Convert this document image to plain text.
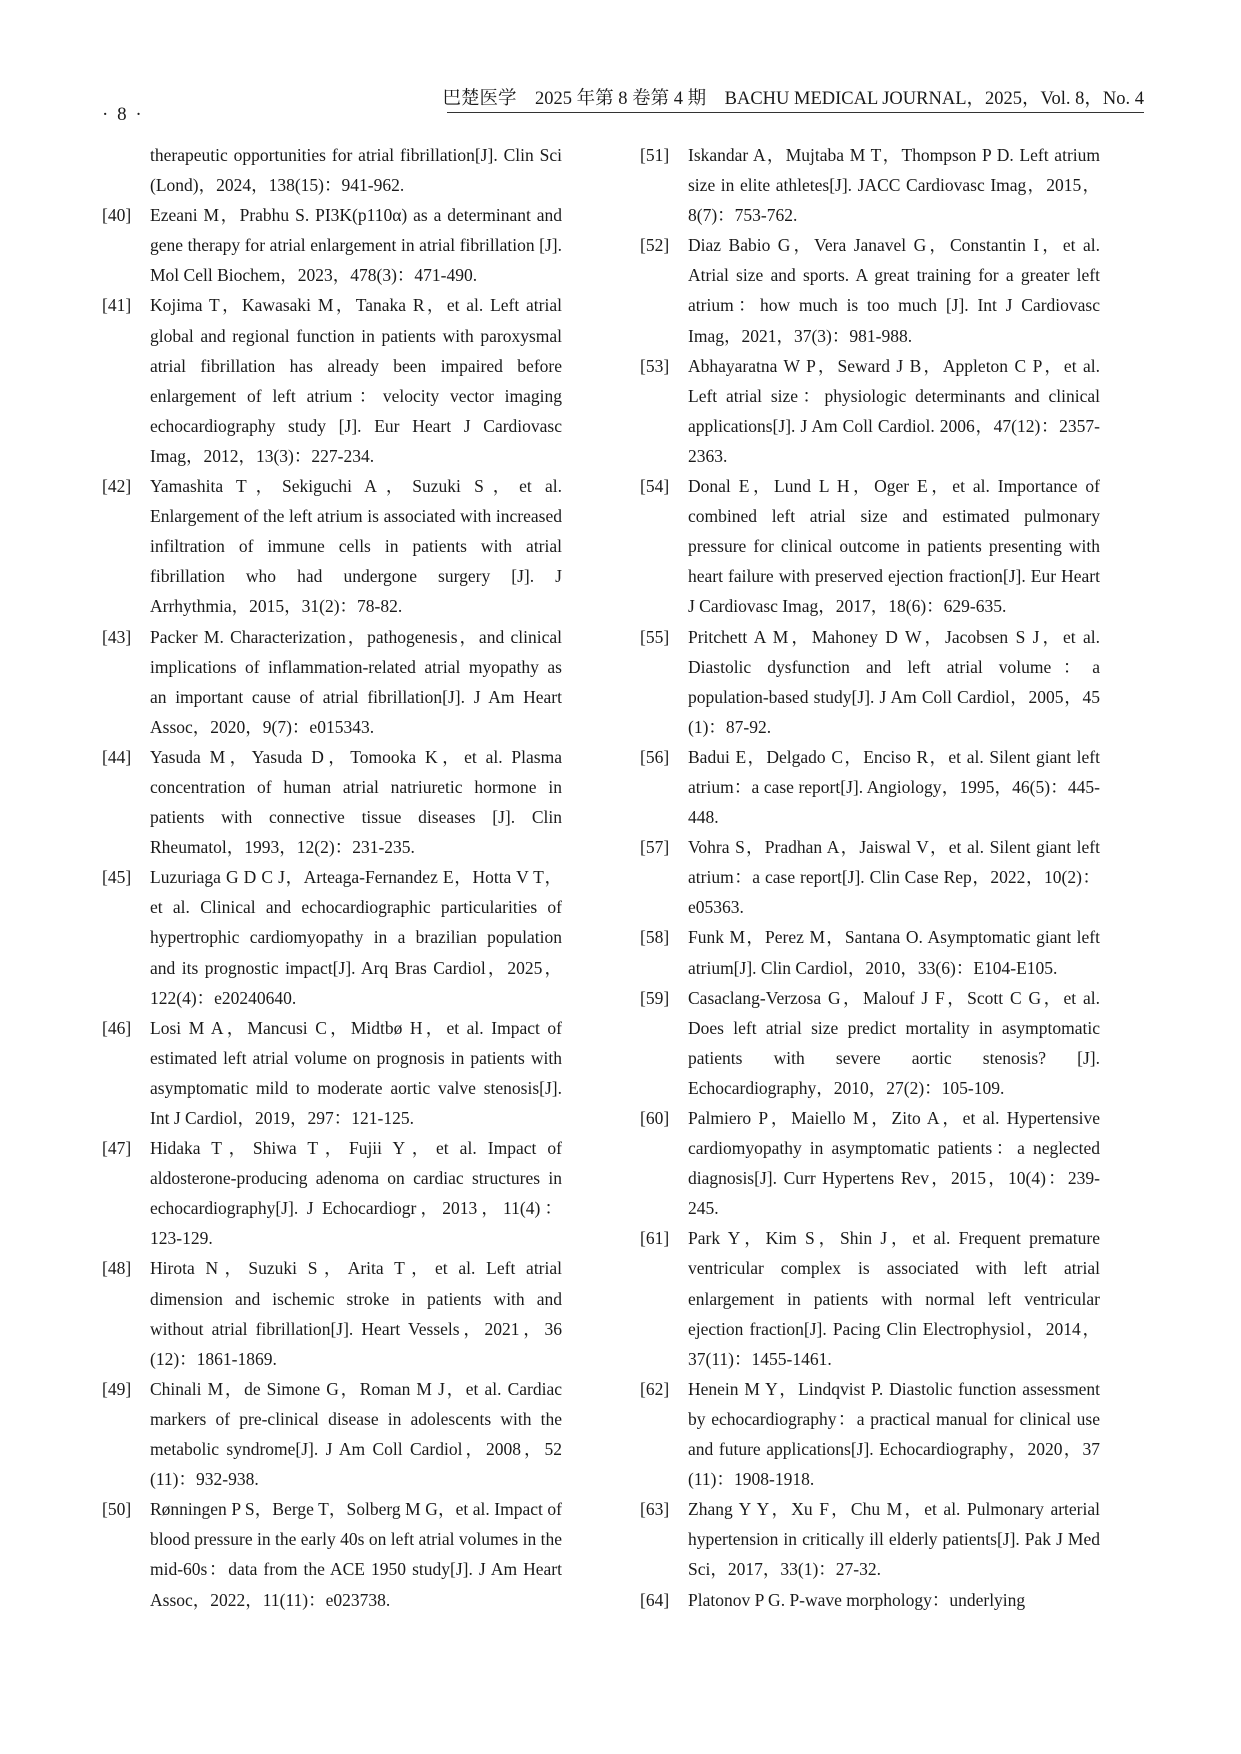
· 8 ·
巴楚医学　2025 年第 8 卷第 4 期　BACHU MEDICAL JOURNAL，2025，Vol. 8，No. 4
therapeutic opportunities for atrial fibrillation[J]. Clin Sci (Lond)，2024，138(15)：941-962.
[40] Ezeani M，Prabhu S. PI3K(p110α) as a determinant and gene therapy for atrial enlargement in atrial fibrillation [J]. Mol Cell Biochem，2023，478(3)：471-490.
[41] Kojima T，Kawasaki M，Tanaka R，et al. Left atrial global and regional function in patients with paroxysmal atrial fibrillation has already been impaired before enlargement of left atrium：velocity vector imaging echocardiography study [J]. Eur Heart J Cardiovasc Imag，2012，13(3)：227-234.
[42] Yamashita T，Sekiguchi A，Suzuki S，et al. Enlargement of the left atrium is associated with increased infiltration of immune cells in patients with atrial fibrillation who had undergone surgery [J]. J Arrhythmia，2015，31(2)：78-82.
[43] Packer M. Characterization，pathogenesis，and clinical implications of inflammation-related atrial myopathy as an important cause of atrial fibrillation[J]. J Am Heart Assoc，2020，9(7)：e015343.
[44] Yasuda M，Yasuda D，Tomooka K，et al. Plasma concentration of human atrial natriuretic hormone in patients with connective tissue diseases [J]. Clin Rheumatol，1993，12(2)：231-235.
[45] Luzuriaga G D C J，Arteaga-Fernandez E，Hotta V T，et al. Clinical and echocardiographic particularities of hypertrophic cardiomyopathy in a brazilian population and its prognostic impact[J]. Arq Bras Cardiol，2025，122(4)：e20240640.
[46] Losi M A，Mancusi C，Midtbø H，et al. Impact of estimated left atrial volume on prognosis in patients with asymptomatic mild to moderate aortic valve stenosis[J]. Int J Cardiol，2019，297：121-125.
[47] Hidaka T，Shiwa T，Fujii Y，et al. Impact of aldosterone-producing adenoma on cardiac structures in echocardiography[J]. J Echocardiogr，2013，11(4)：123-129.
[48] Hirota N，Suzuki S，Arita T，et al. Left atrial dimension and ischemic stroke in patients with and without atrial fibrillation[J]. Heart Vessels，2021，36 (12)：1861-1869.
[49] Chinali M，de Simone G，Roman M J，et al. Cardiac markers of pre-clinical disease in adolescents with the metabolic syndrome[J]. J Am Coll Cardiol，2008，52 (11)：932-938.
[50] Rønningen P S，Berge T，Solberg M G，et al. Impact of blood pressure in the early 40s on left atrial volumes in the mid-60s：data from the ACE 1950 study[J]. J Am Heart Assoc，2022，11(11)：e023738.
[51] Iskandar A，Mujtaba M T，Thompson P D. Left atrium size in elite athletes[J]. JACC Cardiovasc Imag，2015，8(7)：753-762.
[52] Diaz Babio G，Vera Janavel G，Constantin I，et al. Atrial size and sports. A great training for a greater left atrium：how much is too much [J]. Int J Cardiovasc Imag，2021，37(3)：981-988.
[53] Abhayaratna W P，Seward J B，Appleton C P，et al. Left atrial size：physiologic determinants and clinical applications[J]. J Am Coll Cardiol. 2006，47(12)：2357-2363.
[54] Donal E，Lund L H，Oger E，et al. Importance of combined left atrial size and estimated pulmonary pressure for clinical outcome in patients presenting with heart failure with preserved ejection fraction[J]. Eur Heart J Cardiovasc Imag，2017，18(6)：629-635.
[55] Pritchett A M，Mahoney D W，Jacobsen S J，et al. Diastolic dysfunction and left atrial volume：a population-based study[J]. J Am Coll Cardiol，2005，45 (1)：87-92.
[56] Badui E，Delgado C，Enciso R，et al. Silent giant left atrium：a case report[J]. Angiology，1995，46(5)：445-448.
[57] Vohra S，Pradhan A，Jaiswal V，et al. Silent giant left atrium：a case report[J]. Clin Case Rep，2022，10(2)：e05363.
[58] Funk M，Perez M，Santana O. Asymptomatic giant left atrium[J]. Clin Cardiol，2010，33(6)：E104-E105.
[59] Casaclang-Verzosa G，Malouf J F，Scott C G，et al. Does left atrial size predict mortality in asymptomatic patients with severe aortic stenosis? [J]. Echocardiography，2010，27(2)：105-109.
[60] Palmiero P，Maiello M，Zito A，et al. Hypertensive cardiomyopathy in asymptomatic patients：a neglected diagnosis[J]. Curr Hypertens Rev，2015，10(4)：239-245.
[61] Park Y，Kim S，Shin J，et al. Frequent premature ventricular complex is associated with left atrial enlargement in patients with normal left ventricular ejection fraction[J]. Pacing Clin Electrophysiol，2014，37(11)：1455-1461.
[62] Henein M Y，Lindqvist P. Diastolic function assessment by echocardiography：a practical manual for clinical use and future applications[J]. Echocardiography，2020，37 (11)：1908-1918.
[63] Zhang Y Y，Xu F，Chu M，et al. Pulmonary arterial hypertension in critically ill elderly patients[J]. Pak J Med Sci，2017，33(1)：27-32.
[64] Platonov P G. P-wave morphology：underlying
